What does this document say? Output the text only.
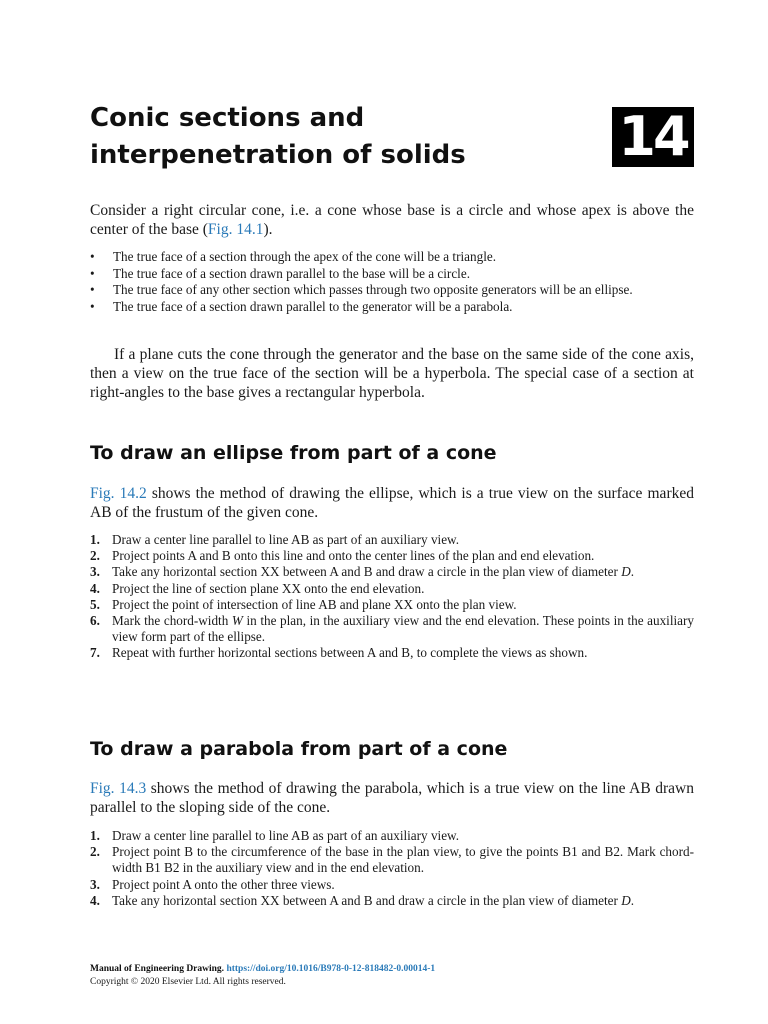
Conic sections and
interpenetration of solids	14

Consider a right circular cone, i.e. a cone whose base is a circle and whose apex is above the center of the base (Fig. 14.1).

• The true face of a section through the apex of the cone will be a triangle.
• The true face of a section drawn parallel to the base will be a circle.
• The true face of any other section which passes through two opposite generators will be an ellipse.
• The true face of a section drawn parallel to the generator will be a parabola.

If a plane cuts the cone through the generator and the base on the same side of the cone axis, then a view on the true face of the section will be a hyperbola. The special case of a section at right-angles to the base gives a rectangular hyperbola.

To draw an ellipse from part of a cone

Fig. 14.2 shows the method of drawing the ellipse, which is a true view on the surface marked AB of the frustum of the given cone.

1. Draw a center line parallel to line AB as part of an auxiliary view.
2. Project points A and B onto this line and onto the center lines of the plan and end elevation.
3. Take any horizontal section XX between A and B and draw a circle in the plan view of diameter D.
4. Project the line of section plane XX onto the end elevation.
5. Project the point of intersection of line AB and plane XX onto the plan view.
6. Mark the chord-width W in the plan, in the auxiliary view and the end elevation. These points in the auxiliary view form part of the ellipse.
7. Repeat with further horizontal sections between A and B, to complete the views as shown.
To draw a parabola from part of a cone

Fig. 14.3 shows the method of drawing the parabola, which is a true view on the line AB drawn parallel to the sloping side of the cone.

1. Draw a center line parallel to line AB as part of an auxiliary view.
2. Project point B to the circumference of the base in the plan view, to give the points B1 and B2. Mark chord-width B1 B2 in the auxiliary view and in the end elevation.
3. Project point A onto the other three views.
4. Take any horizontal section XX between A and B and draw a circle in the plan view of diameter D.

Manual of Engineering Drawing. https://doi.org/10.1016/B978-0-12-818482-0.00014-1

Copyright © 2020 Elsevier Ltd. All rights reserved.
